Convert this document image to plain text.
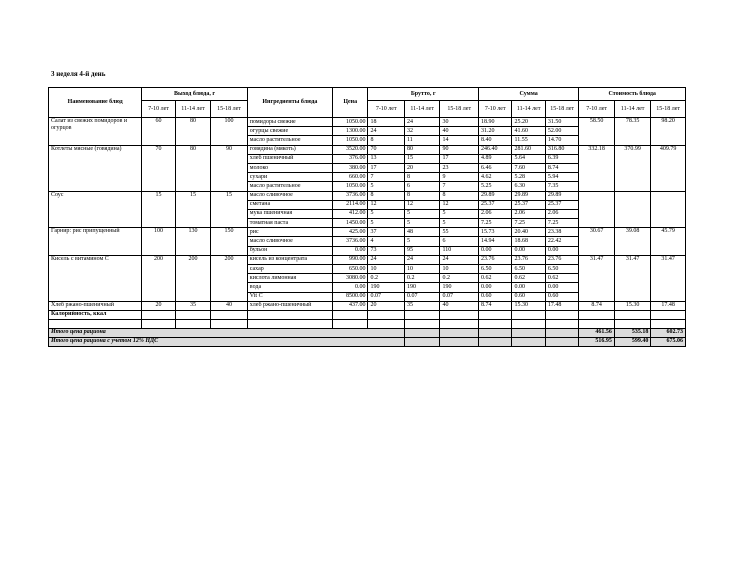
3 неделя 4-й день
Наименование блюд	Выход блюда, г			Ингредиенты блюда	Цена	Брутто, г			Сумма			Стоимость блюда		
	7-10 лет	11-14 лет	15-18 лет			7-10 лет	11-14 лет	15-18 лет	7-10 лет	11-14 лет	15-18 лет	7-10 лет	11-14 лет	15-18 лет
Салат из свежих помидоров и огурцов	60	80	100	помидоры свежие	1050.00	18	24	30	18.90	25.20	31.50	58.50	78.35	98.20
				огурцы свежие	1300.00	24	32	40	31.20	41.60	52.00			
				масло растительное	1050.00	8	11	14	8.40	11.55	14.70			
Котлеты мясные (говядина)	70	80	90	говядина (мякоть)	3520.00	70	80	90	246.40	281.60	316.80	332.18	370.99	409.79
				хлеб пшеничный	376.00	13	15	17	4.89	5.64	6.39			
				молоко	380.00	17	20	23	6.46	7.60	8.74			
				сухари	660.00	7	8	9	4.62	5.28	5.94			
				масло растительное	1050.00	5	6	7	5.25	6.30	7.35			
Соус	15	15	15	масло сливочное	3736.00	8	8	8	29.89	29.89	29.89			
				сметана	2114.00	12	12	12	25.37	25.37	25.37			
				мука пшеничная	412.00	5	5	5	2.06	2.06	2.06			
				томатная паста	1450.00	5	5	5	7.25	7.25	7.25			
Гарнир: рис припущенный	100	130	150	рис	425.00	37	48	55	15.73	20.40	23.38	30.67	39.08	45.79
				масло сливочное	3736.00	4	5	6	14.94	18.68	22.42			
				бульон	0.00	73	95	110	0.00	0.00	0.00			
Кисель с витамином С	200	200	200	кисель из концентрата	990.00	24	24	24	23.76	23.76	23.76	31.47	31.47	31.47
				сахар	650.00	10	10	10	6.50	6.50	6.50			
				кислота лимонная	3080.00	0.2	0.2	0.2	0.62	0.62	0.62			
				вода	0.00	190	190	190	0.00	0.00	0.00			
				Vit C	8500.00	0.07	0.07	0.07	0.60	0.60	0.60			
Хлеб ржано-пшеничный	20	35	40	хлеб ржано-пшеничный	437.00	20	35	40	8.74	15.30	17.48	8.74	15.30	17.48
Калорийность, ккал														

Итого цена рациона												461.56	535.18	602.73
Итого цена рациона с учетом 12% НДС												516.95	599.40	675.06
